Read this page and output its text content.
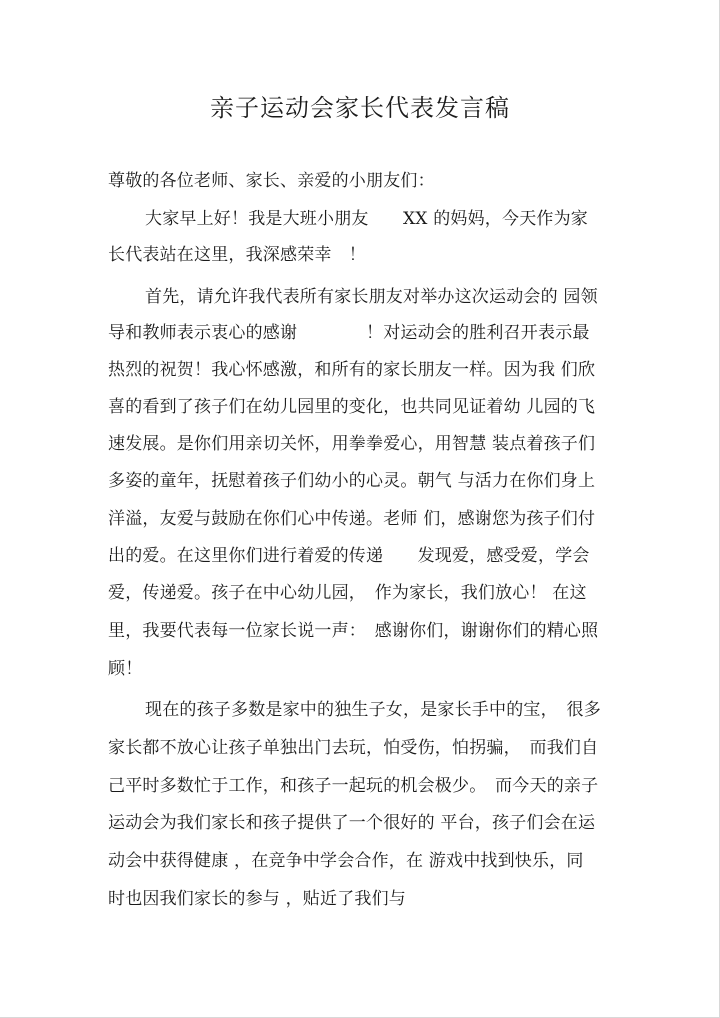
亲子运动会家长代表发言稿
尊敬的各位老师、家长、亲爱的小朋友们：
大家早上好！我是大班小朋友　　XX 的妈妈，今天作为家
长代表站在这里，我深感荣幸　！
首先，请允许我代表所有家长朋友对举办这次运动会的 园领
导和教师表示衷心的感谢　　　　！对运动会的胜利召开表示最
热烈的祝贺！我心怀感激，和所有的家长朋友一样。因为我 们欣
喜的看到了孩子们在幼儿园里的变化，也共同见证着幼 儿园的飞
速发展。是你们用亲切关怀，用拳拳爱心，用智慧 装点着孩子们
多姿的童年，抚慰着孩子们幼小的心灵。朝气 与活力在你们身上
洋溢，友爱与鼓励在你们心中传递。老师 们，感谢您为孩子们付
出的爱。在这里你们进行着爱的传递　　发现爱，感受爱，学会
爱，传递爱。孩子在中心幼儿园，　作为家长，我们放心！ 在这
里，我要代表每一位家长说一声：　感谢你们，谢谢你们的精心照
顾！
现在的孩子多数是家中的独生子女，是家长手中的宝，　很多
家长都不放心让孩子单独出门去玩，怕受伤，怕拐骗，　而我们自
己平时多数忙于工作，和孩子一起玩的机会极少。　而今天的亲子
运动会为我们家长和孩子提供了一个很好的 平台，孩子们会在运
动会中获得健康 ，在竞争中学会合作，在 游戏中找到快乐，同
时也因我们家长的参与 ，贴近了我们与
